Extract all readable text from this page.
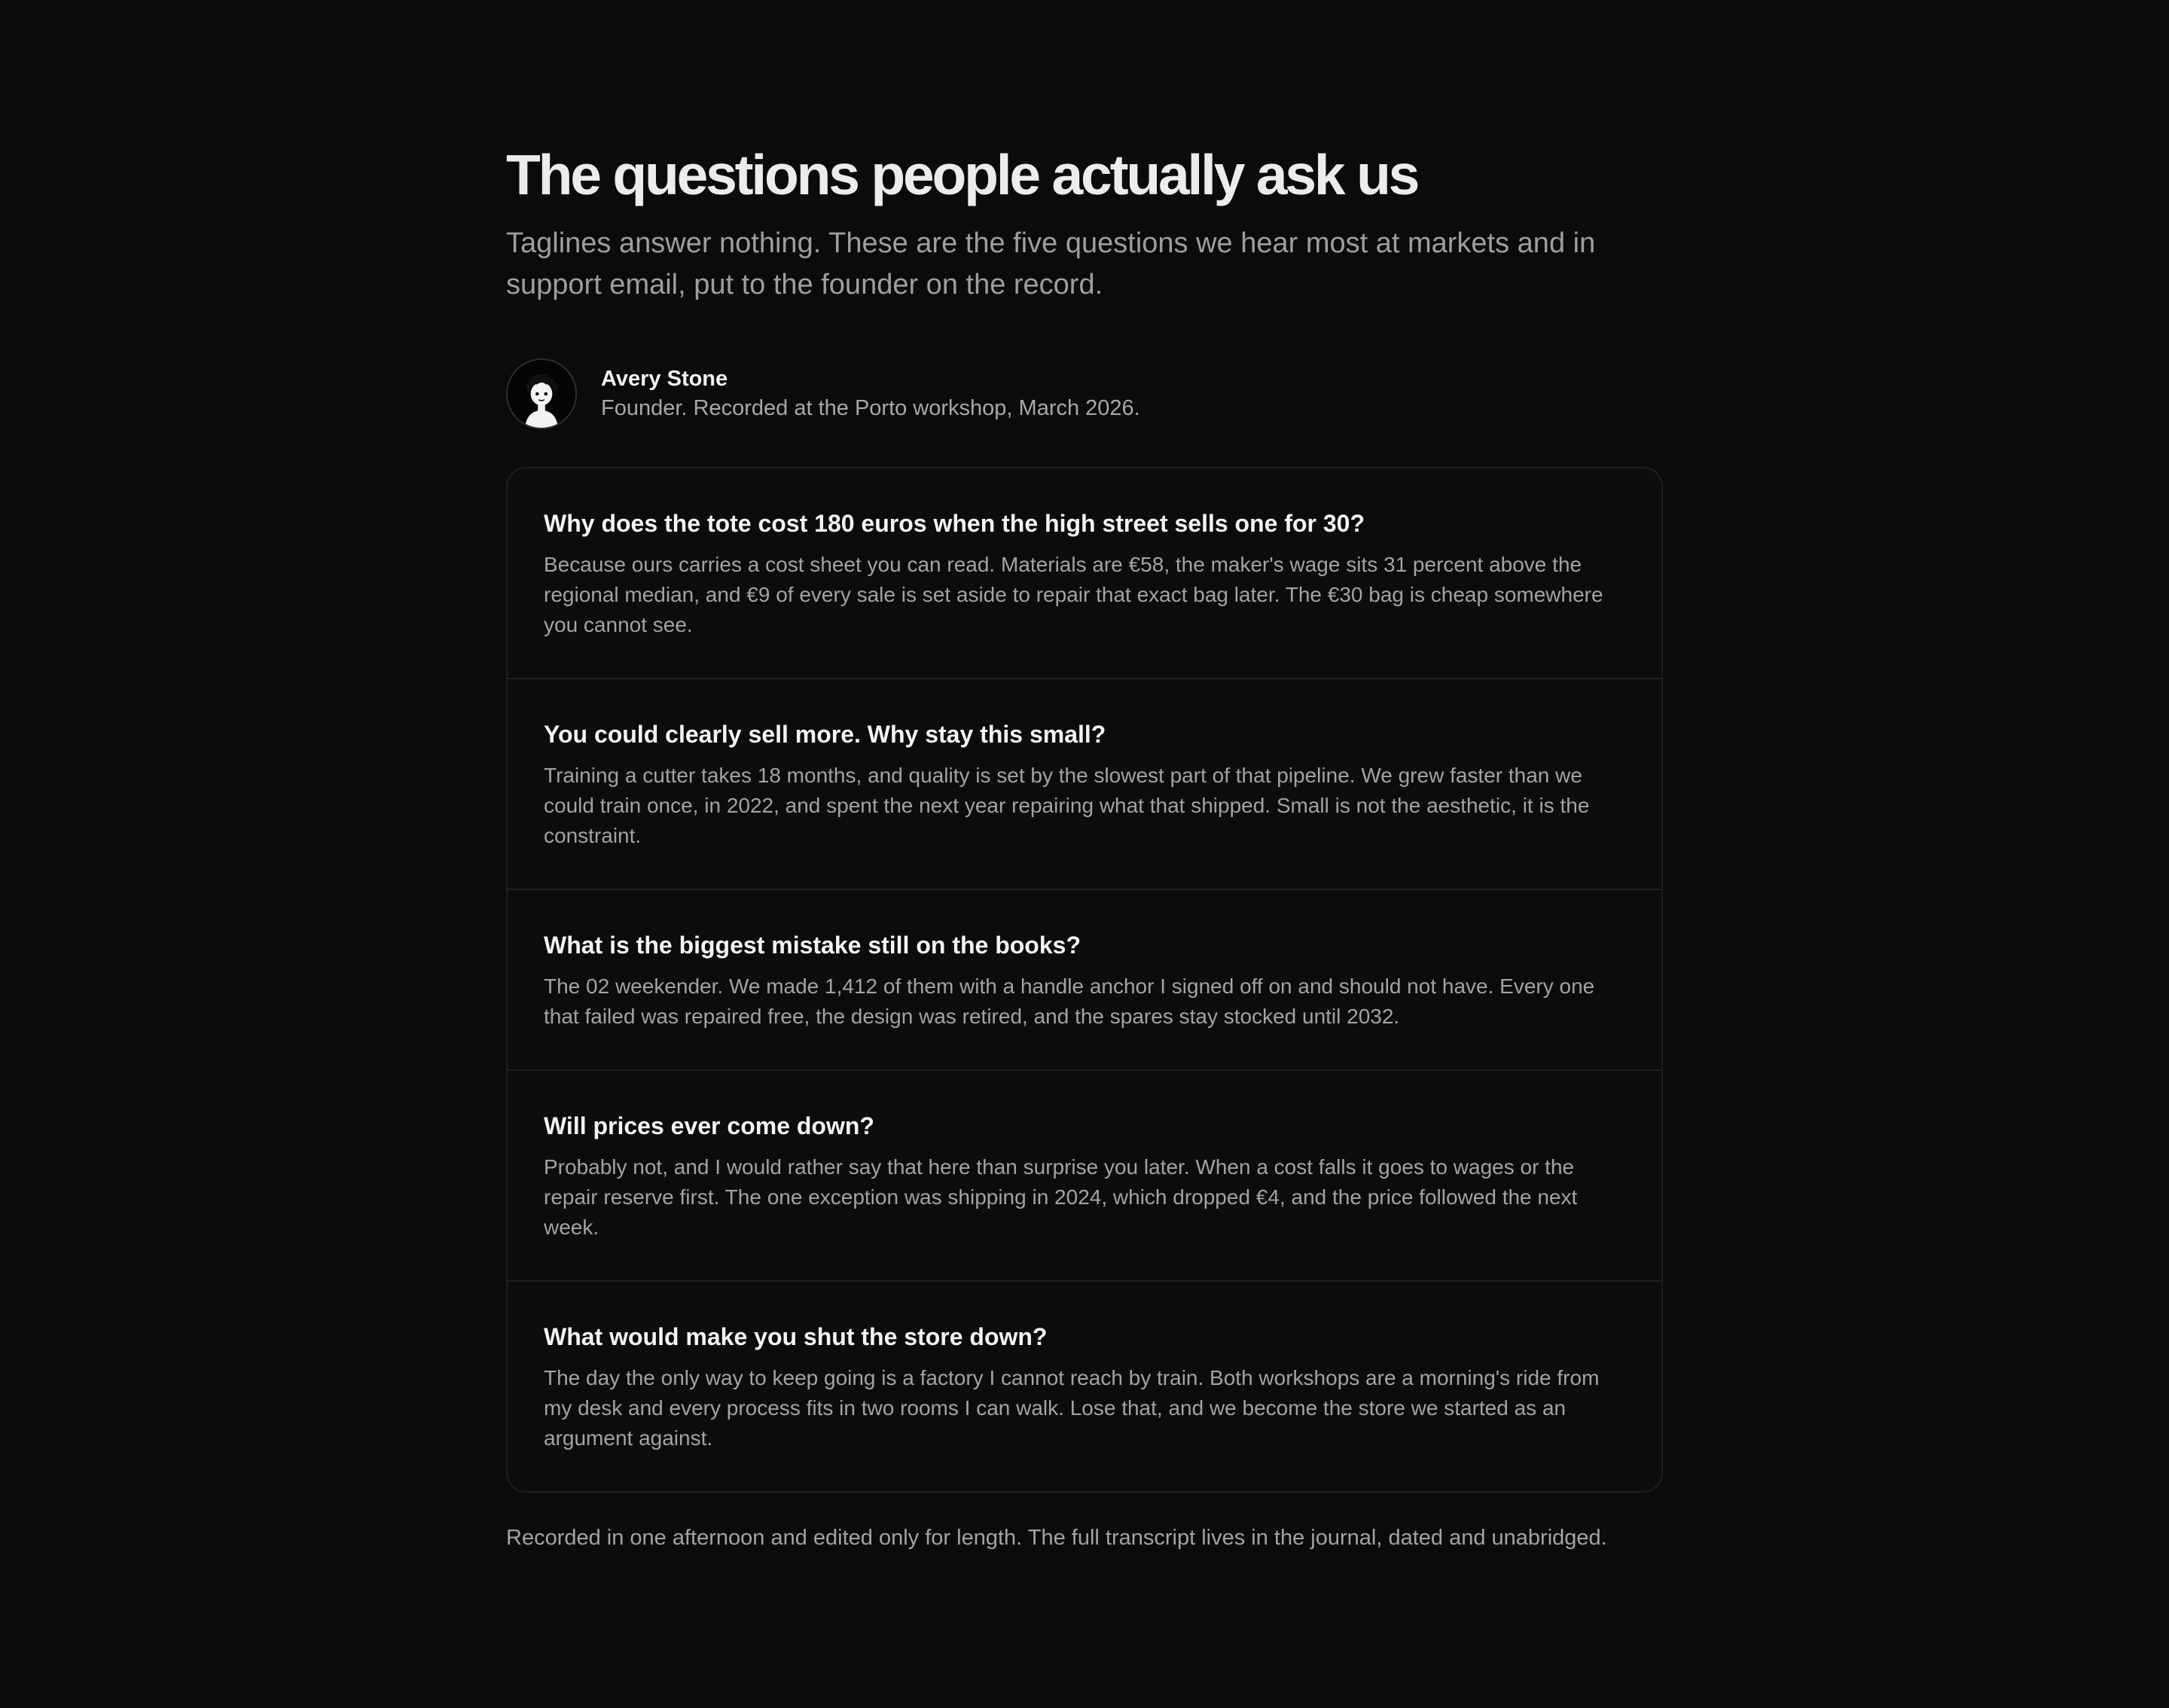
The questions people actually ask us

Taglines answer nothing. These are the five questions we hear most at markets and in support email, put to the founder on the record.

Avery Stone
Founder. Recorded at the Porto workshop, March 2026.
Why does the tote cost 180 euros when the high street sells one for 30?

Because ours carries a cost sheet you can read. Materials are €58, the maker's wage sits 31 percent above the regional median, and €9 of every sale is set aside to repair that exact bag later. The €30 bag is cheap somewhere you cannot see.

You could clearly sell more. Why stay this small?

Training a cutter takes 18 months, and quality is set by the slowest part of that pipeline. We grew faster than we could train once, in 2022, and spent the next year repairing what that shipped. Small is not the aesthetic, it is the constraint.

What is the biggest mistake still on the books?

The 02 weekender. We made 1,412 of them with a handle anchor I signed off on and should not have. Every one that failed was repaired free, the design was retired, and the spares stay stocked until 2032.

Will prices ever come down?

Probably not, and I would rather say that here than surprise you later. When a cost falls it goes to wages or the repair reserve first. The one exception was shipping in 2024, which dropped €4, and the price followed the next week.

What would make you shut the store down?

The day the only way to keep going is a factory I cannot reach by train. Both workshops are a morning's ride from my desk and every process fits in two rooms I can walk. Lose that, and we become the store we started as an argument against.

Recorded in one afternoon and edited only for length. The full transcript lives in the journal, dated and unabridged.
